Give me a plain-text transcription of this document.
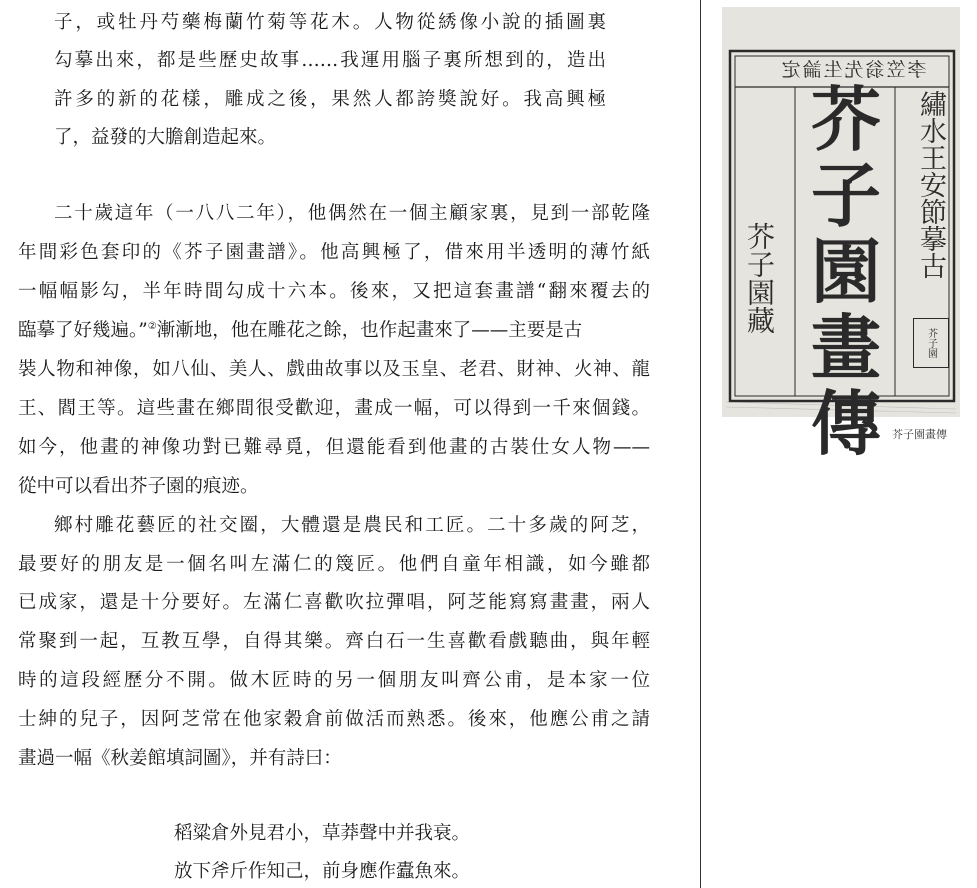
子，或牡丹芍藥梅蘭竹菊等花木。人物從綉像小說的插圖裏
勾摹出來，都是些歷史故事……我運用腦子裏所想到的，造出
許多的新的花樣，雕成之後，果然人都誇獎說好。我高興極
了，益發的大膽創造起來。
二十歲這年（一八八二年），他偶然在一個主顧家裏，見到一部乾隆
年間彩色套印的《芥子園畫譜》。他高興極了，借來用半透明的薄竹紙
一幅幅影勾，半年時間勾成十六本。後來，又把這套畫譜“翻來覆去的
臨摹了好幾遍。”②漸漸地，他在雕花之餘，也作起畫來了——主要是古
裝人物和神像，如八仙、美人、戲曲故事以及玉皇、老君、財神、火神、龍
王、閻王等。這些畫在鄉間很受歡迎，畫成一幅，可以得到一千來個錢。
如今，他畫的神像功對已難尋覓，但還能看到他畫的古裝仕女人物——
從中可以看出芥子園的痕迹。
鄉村雕花藝匠的社交圈，大體還是農民和工匠。二十多歲的阿芝，
最要好的朋友是一個名叫左滿仁的篾匠。他們自童年相識，如今雖都
已成家，還是十分要好。左滿仁喜歡吹拉彈唱，阿芝能寫寫畫畫，兩人
常聚到一起，互教互學，自得其樂。齊白石一生喜歡看戲聽曲，與年輕
時的這段經歷分不開。做木匠時的另一個朋友叫齊公甫，是本家一位
士紳的兒子，因阿芝常在他家穀倉前做活而熟悉。後來，他應公甫之請
畫過一幅《秋姜館填詞圖》，并有詩曰：
稻粱倉外見君小，草莽聲中并我衰。
放下斧斤作知己，前身應作蠹魚來。
李笠翁先生論定
芥
子
園
畫
傳
繡水王安節摹古
芥子園藏
芥子園
芥子園畫傳
